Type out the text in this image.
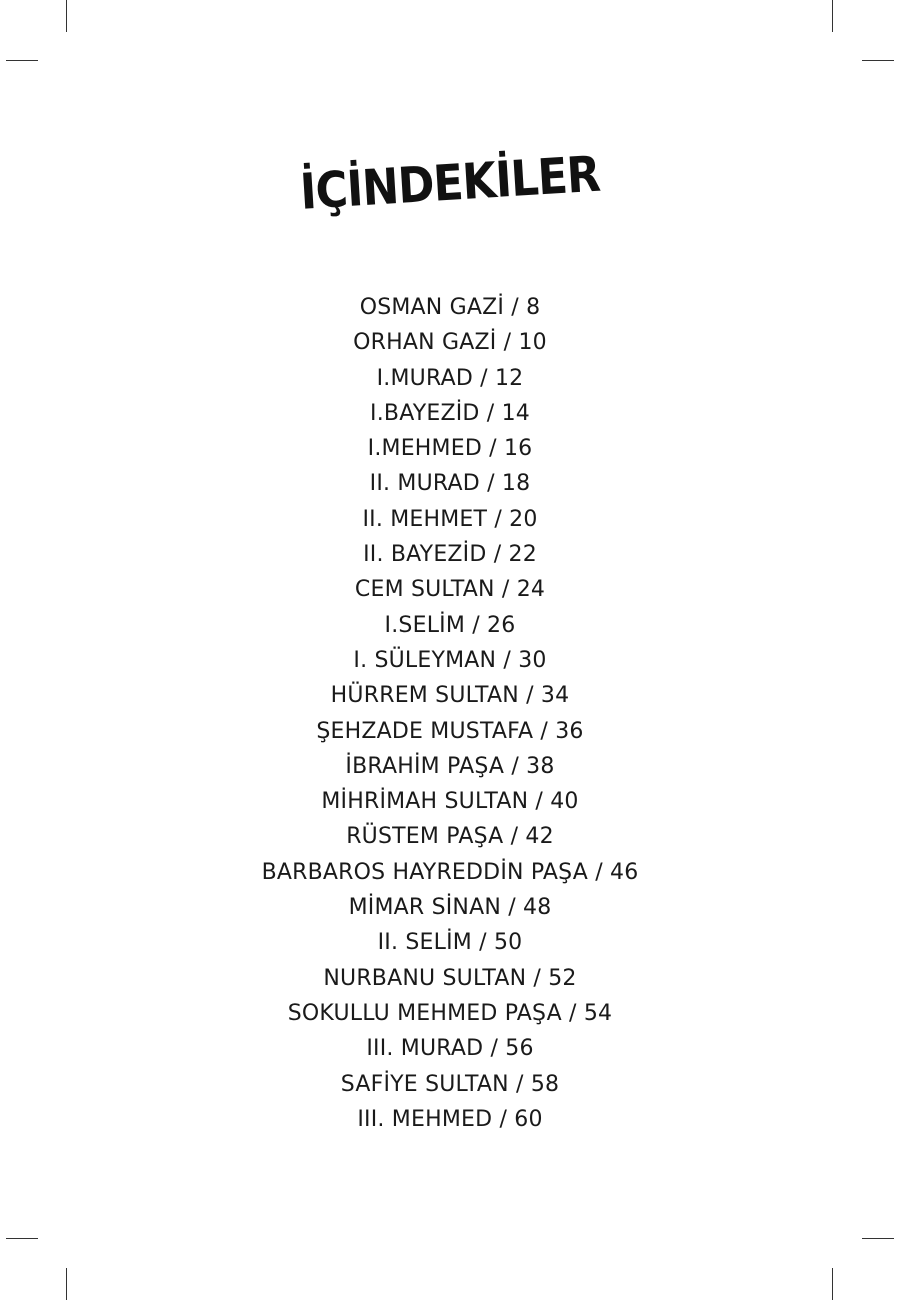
İÇİNDEKİLER
OSMAN GAZİ / 8
ORHAN GAZİ / 10
I.MURAD / 12
I.BAYEZİD / 14
I.MEHMED / 16
II. MURAD / 18
II. MEHMET / 20
II. BAYEZİD / 22
CEM SULTAN / 24
I.SELİM / 26
I. SÜLEYMAN / 30
HÜRREM SULTAN / 34
ŞEHZADE MUSTAFA / 36
İBRAHİM PAŞA / 38
MİHRİMAH SULTAN / 40
RÜSTEM PAŞA / 42
BARBAROS HAYREDDİN PAŞA / 46
MİMAR SİNAN / 48
II. SELİM / 50
NURBANU SULTAN / 52
SOKULLU MEHMED PAŞA / 54
III. MURAD / 56
SAFİYE SULTAN / 58
III. MEHMED / 60
